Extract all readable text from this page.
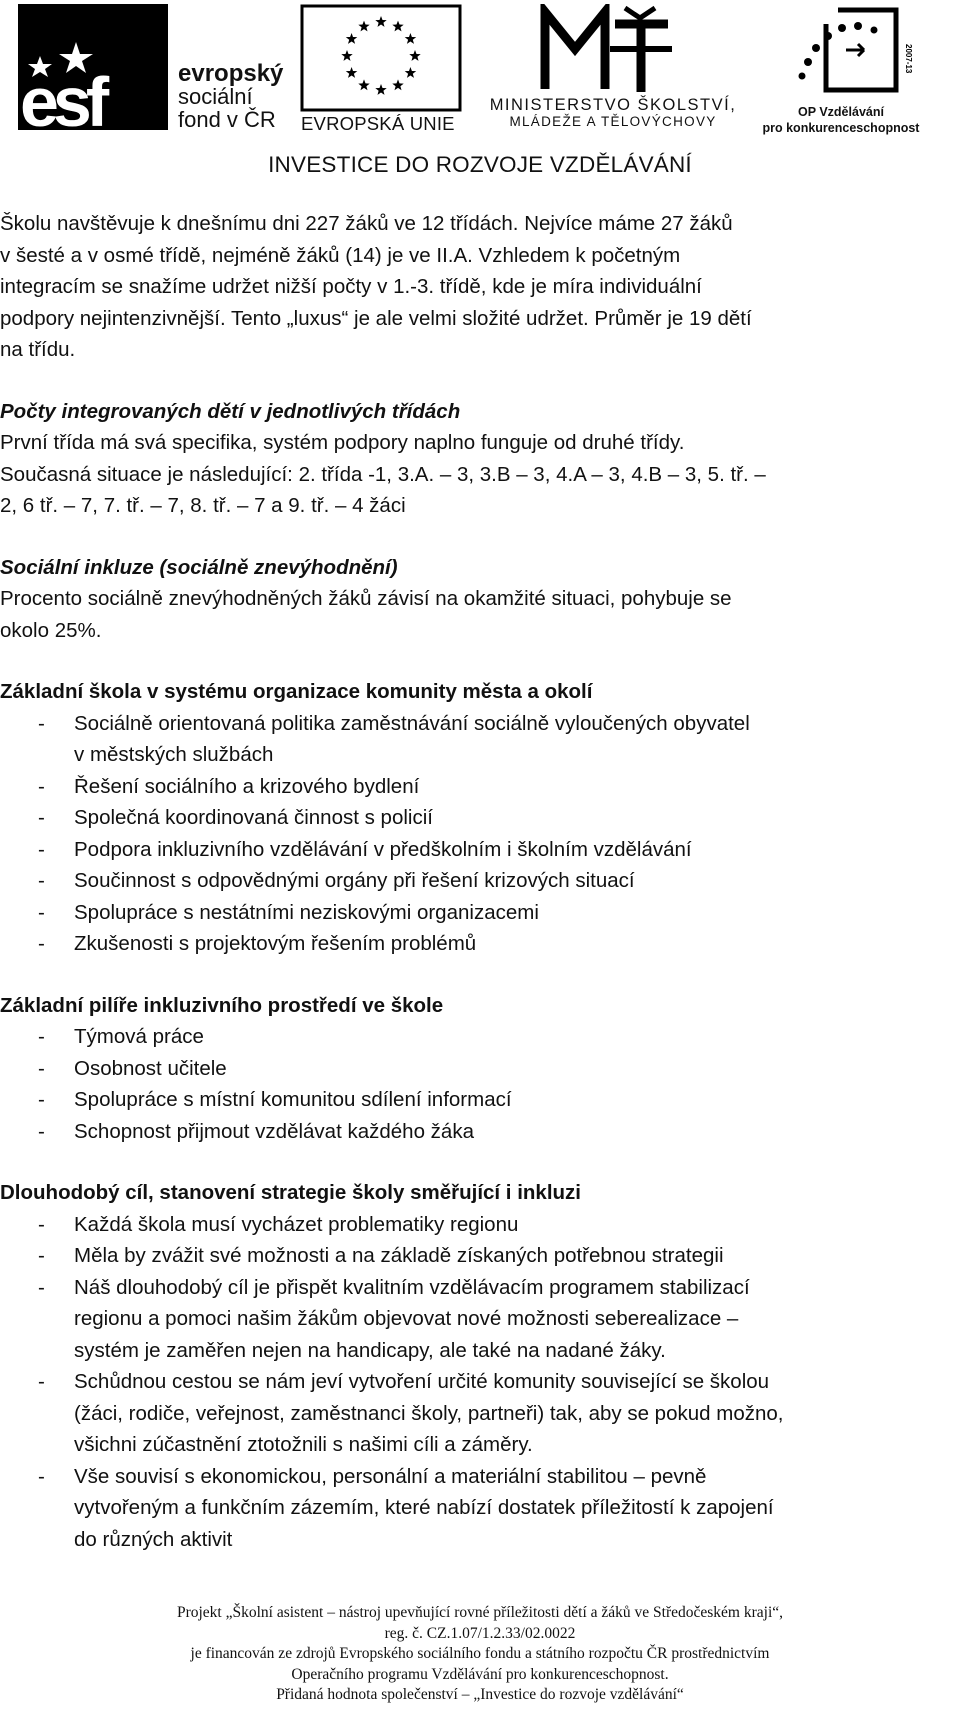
esf	evropský
sociální
fond v ČR	EVROPSKÁ UNIE
MINISTERSTVO ŠKOLSTVÍ,
MLÁDEŽE A TĚLOVÝCHOVY
2007-13
OP Vzdělávání
pro konkurenceschopnost
INVESTICE DO ROZVOJE VZDĚLÁVÁNÍ
Školu navštěvuje k dnešnímu dni 227 žáků ve 12 třídách. Nejvíce máme 27 žáků
v šesté a v osmé třídě, nejméně žáků (14) je ve II.A. Vzhledem k početným
integracím se snažíme udržet nižší počty v 1.-3. třídě, kde je míra individuální
podpory nejintenzivnější. Tento „luxus“ je ale velmi složité udržet. Průměr je 19 dětí
na třídu.
Počty integrovaných dětí v jednotlivých třídách
První třída má svá specifika, systém podpory naplno funguje od druhé třídy.
Současná situace je následující: 2. třída -1, 3.A. – 3, 3.B – 3, 4.A – 3, 4.B – 3, 5. tř. –
2, 6 tř. – 7, 7. tř. – 7, 8. tř. – 7 a 9. tř. – 4 žáci
Sociální inkluze (sociálně znevýhodnění)
Procento sociálně znevýhodněných žáků závisí na okamžité situaci, pohybuje se
okolo 25%.
Základní škola v systému organizace komunity města a okolí
- Sociálně orientovaná politika zaměstnávání sociálně vyloučených obyvatel
v městských službách
- Řešení sociálního a krizového bydlení
- Společná koordinovaná činnost s policií
- Podpora inkluzivního vzdělávání v předškolním i školním vzdělávání
- Součinnost s odpovědnými orgány při řešení krizových situací
- Spolupráce s nestátními neziskovými organizacemi
- Zkušenosti s projektovým řešením problémů
Základní pilíře inkluzivního prostředí ve škole
- Týmová práce
- Osobnost učitele
- Spolupráce s místní komunitou sdílení informací
- Schopnost přijmout vzdělávat každého žáka
Dlouhodobý cíl, stanovení strategie školy směřující i inkluzi
- Každá škola musí vycházet problematiky regionu
- Měla by zvážit své možnosti a na základě získaných potřebnou strategii
- Náš dlouhodobý cíl je přispět kvalitním vzdělávacím programem stabilizací
regionu a pomoci našim žákům objevovat nové možnosti seberealizace –
systém je zaměřen nejen na handicapy, ale také na nadané žáky.
- Schůdnou cestou se nám jeví vytvoření určité komunity související se školou
(žáci, rodiče, veřejnost, zaměstnanci školy, partneři) tak, aby se pokud možno,
všichni zúčastnění ztotožnili s našimi cíli a záměry.
- Vše souvisí s ekonomickou, personální a materiální stabilitou – pevně
vytvořeným a funkčním zázemím, které nabízí dostatek příležitostí k zapojení
do různých aktivit
Projekt „Školní asistent – nástroj upevňující rovné příležitosti dětí a žáků ve Středočeském kraji“,
reg. č. CZ.1.07/1.2.33/02.0022
je financován ze zdrojů Evropského sociálního fondu a státního rozpočtu ČR prostřednictvím
Operačního programu Vzdělávání pro konkurenceschopnost.
Přidaná hodnota společenství – „Investice do rozvoje vzdělávání“
